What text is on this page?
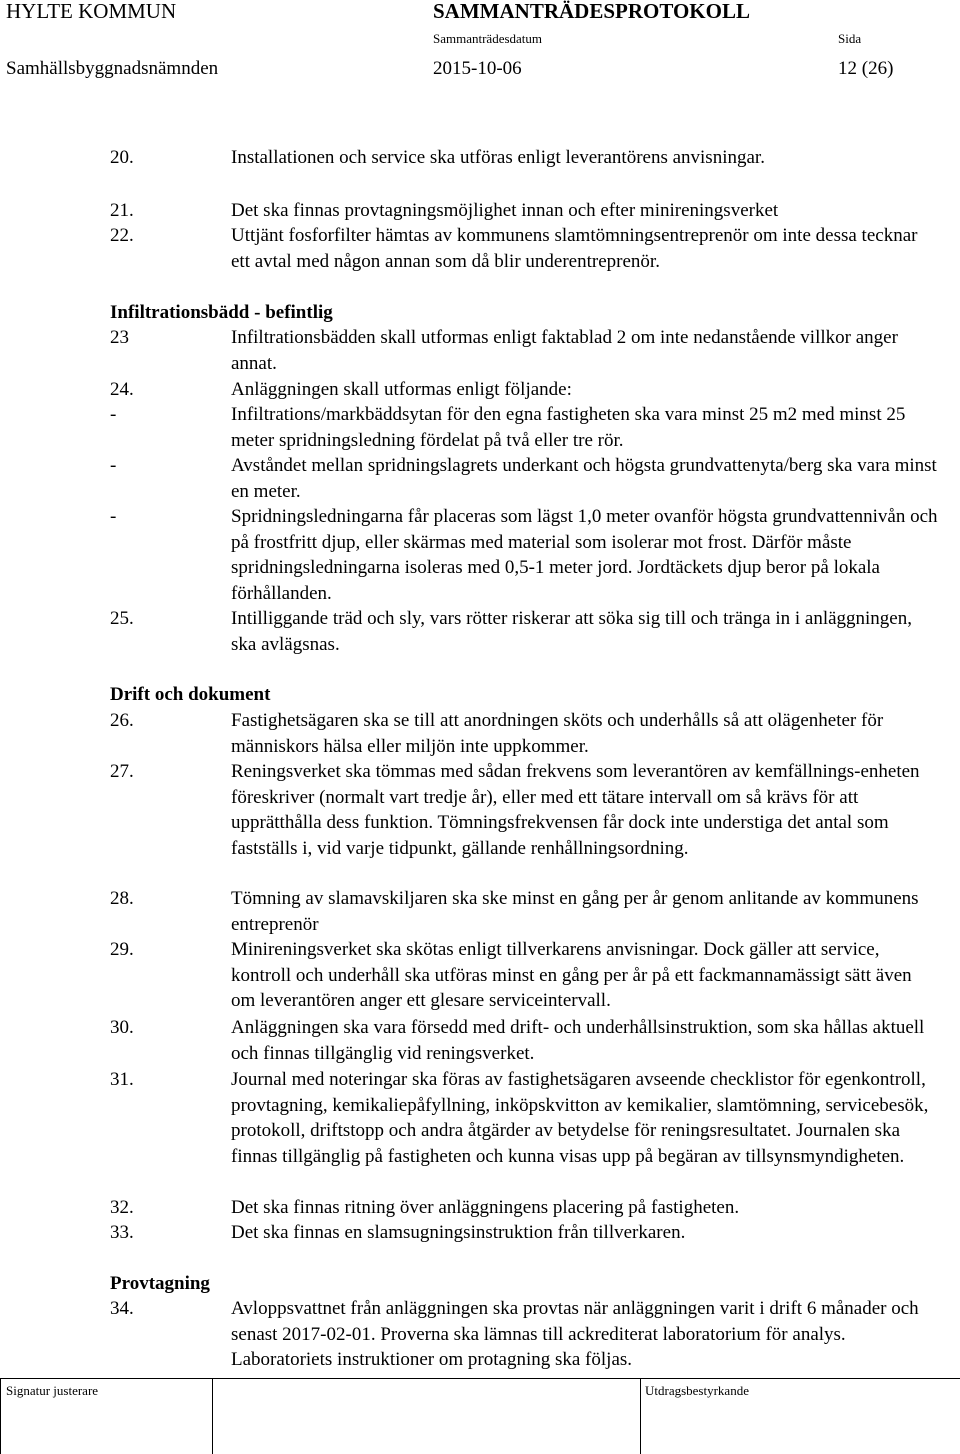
HYLTE KOMMUN	SAMMANTRÄDESPROTOKOLL
Sammanträdesdatum	Sida
Samhällsbyggnadsnämnden	2015-10-06	12 (26)
20.	Installationen och service ska utföras enligt leverantörens anvisningar.
21.	Det ska finnas provtagningsmöjlighet innan och efter minireningsverket
22.	Uttjänt fosforfilter hämtas av kommunens slamtömningsentreprenör om inte dessa tecknar ett avtal med någon annan som då blir underentreprenör.
Infiltrationsbädd - befintlig
23	Infiltrationsbädden skall utformas enligt faktablad 2 om inte nedanstående villkor anger annat.
24.	Anläggningen skall utformas enligt följande:
-	Infiltrations/markbäddsytan för den egna fastigheten ska vara minst 25 m2 med minst 25 meter spridningsledning fördelat på två eller tre rör.
-	Avståndet mellan spridningslagrets underkant och högsta grundvattenyta/berg ska vara minst en meter.
-	Spridningsledningarna får placeras som lägst 1,0 meter ovanför högsta grundvattennivån och på frostfritt djup, eller skärmas med material som isolerar mot frost. Därför måste spridningsledningarna isoleras med 0,5-1 meter jord. Jordtäckets djup beror på lokala förhållanden.
25.	Intilliggande träd och sly, vars rötter riskerar att söka sig till och tränga in i anläggningen, ska avlägsnas.
Drift och dokument
26.	Fastighetsägaren ska se till att anordningen sköts och underhålls så att olägenheter för människors hälsa eller miljön inte uppkommer.
27.	Reningsverket ska tömmas med sådan frekvens som leverantören av kemfällnings-enheten föreskriver (normalt vart tredje år), eller med ett tätare intervall om så krävs för att upprätthålla dess funktion. Tömningsfrekvensen får dock inte understiga det antal som fastställs i, vid varje tidpunkt, gällande renhållningsordning.
28.	Tömning av slamavskiljaren ska ske minst en gång per år genom anlitande av kommunens entreprenör
29.	Minireningsverket ska skötas enligt tillverkarens anvisningar. Dock gäller att service, kontroll och underhåll ska utföras minst en gång per år på ett fackmannamässigt sätt även om leverantören anger ett glesare serviceintervall.
30.	Anläggningen ska vara försedd med drift- och underhållsinstruktion, som ska hållas aktuell och finnas tillgänglig vid reningsverket.
31.	Journal med noteringar ska föras av fastighetsägaren avseende checklistor för egenkontroll, provtagning, kemikaliepåfyllning, inköpskvitton av kemikalier, slamtömning, servicebesök, protokoll, driftstopp och andra åtgärder av betydelse för reningsresultatet. Journalen ska finnas tillgänglig på fastigheten och kunna visas upp på begäran av tillsynsmyndigheten.
32.	Det ska finnas ritning över anläggningens placering på fastigheten.
33.	Det ska finnas en slamsugningsinstruktion från tillverkaren.
Provtagning
34.	Avloppsvattnet från anläggningen ska provtas när anläggningen varit i drift 6 månader och senast 2017-02-01. Proverna ska lämnas till ackrediterat laboratorium för analys. Laboratoriets instruktioner om protagning ska följas.
Signatur justerare	Utdragsbestyrkande
